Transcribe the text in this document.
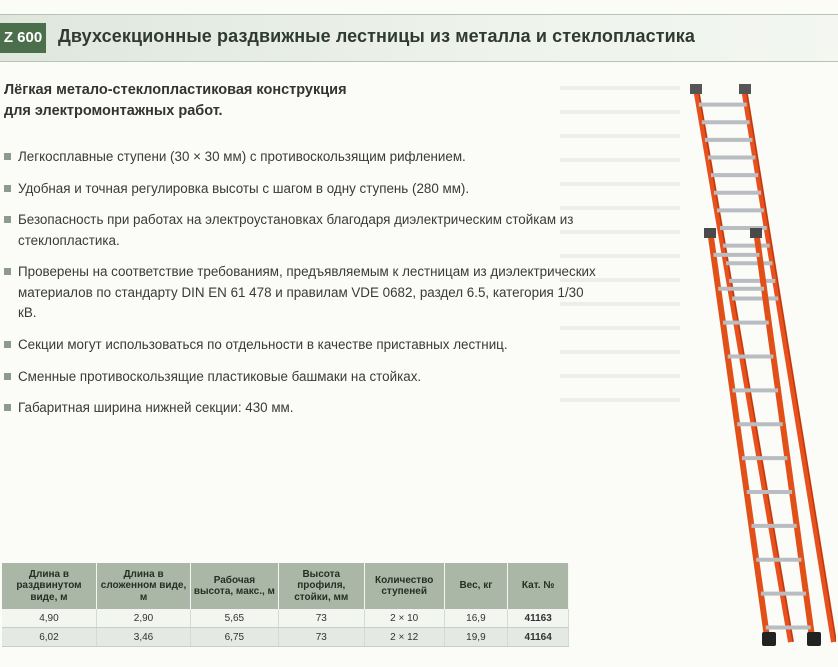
Z 600 Двухсекционные раздвижные лестницы из металла и стеклопластика
Лёгкая метало-стеклопластиковая конструкция
для электромонтажных работ.
Легкосплавные ступени (30 × 30 мм) с противоскользящим рифлением.
Удобная и точная регулировка высоты с шагом в одну ступень (280 мм).
Безопасность при работах на электроустановках благодаря диэлектрическим стойкам из стеклопластика.
Проверены на соответствие требованиям, предъявляемым к лестницам из диэлектрических материалов по стандарту DIN EN 61 478 и правилам VDE 0682, раздел 6.5, категория 1/30 кВ.
Секции могут использоваться по отдельности в качестве приставных лестниц.
Сменные противоскользящие пластиковые башмаки на стойках.
Габаритная ширина нижней секции: 430 мм.
Длина в раздвинутом виде, м	Длина в сложенном виде, м	Рабочая высота, макс., м	Высота профиля, стойки, мм	Количество ступеней	Вес, кг	Кат. №
4,90	2,90	5,65	73	2 × 10	16,9	41163
6,02	3,46	6,75	73	2 × 12	19,9	41164
